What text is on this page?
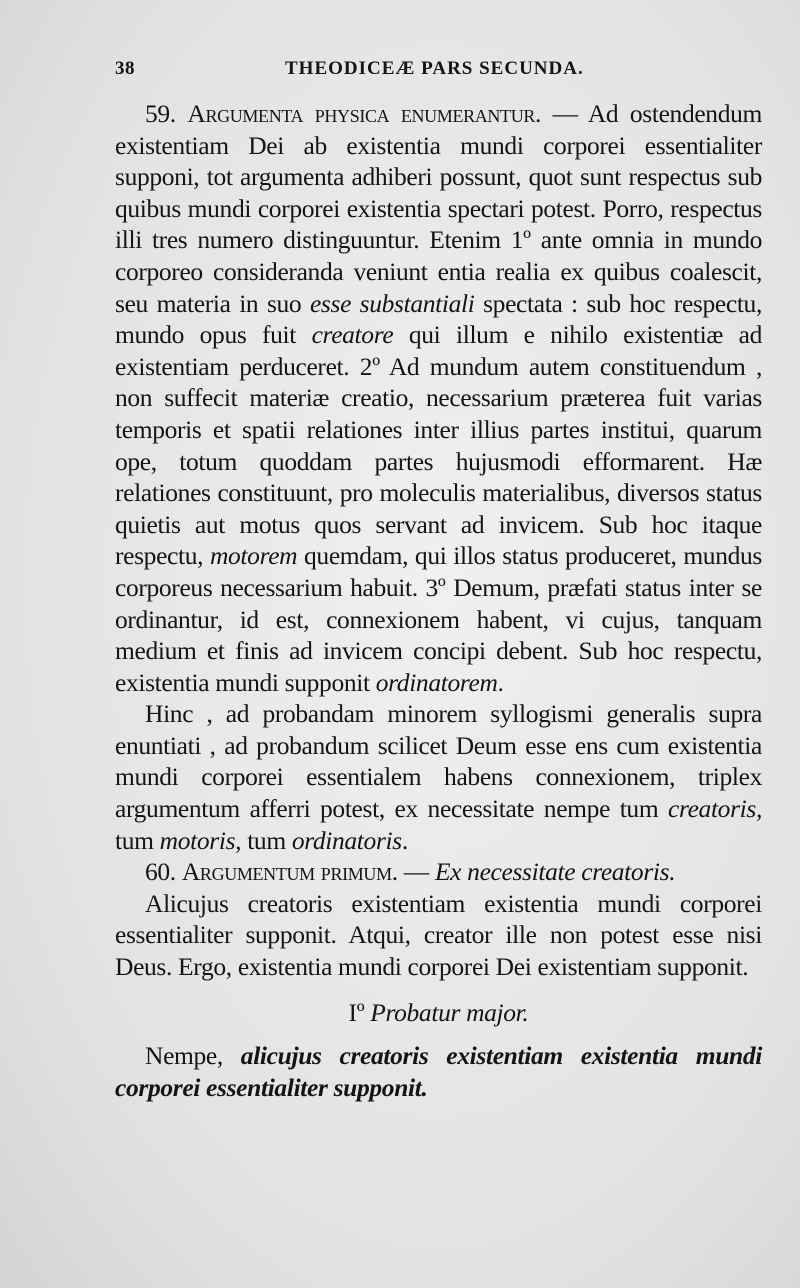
38	THEODICEÆ PARS SECUNDA.

59. Argumenta physica enumerantur. — Ad ostendendum existentiam Dei ab existentia mundi corporei essentialiter supponi, tot argumenta adhiberi possunt, quot sunt respectus sub quibus mundi corporei existentia spectari potest. Porro, respectus illi tres numero distinguuntur. Etenim 1º ante omnia in mundo corporeo consideranda veniunt entia realia ex quibus coalescit, seu materia in suo esse substantiali spectata : sub hoc respectu, mundo opus fuit creatore qui illum e nihilo existentiæ ad existentiam perduceret. 2º Ad mundum autem constituendum , non suffecit materiæ creatio, necessarium præterea fuit varias temporis et spatii relationes inter illius partes institui, quarum ope, totum quoddam partes hujusmodi efformarent. Hæ relationes constituunt, pro moleculis materialibus, diversos status quietis aut motus quos servant ad invicem. Sub hoc itaque respectu, motorem quemdam, qui illos status produceret, mundus corporeus necessarium habuit. 3º Demum, præfati status inter se ordinantur, id est, connexionem habent, vi cujus, tanquam medium et finis ad invicem concipi debent. Sub hoc respectu, existentia mundi supponit ordinatorem.

Hinc , ad probandam minorem syllogismi generalis supra enuntiati , ad probandum scilicet Deum esse ens cum existentia mundi corporei essentialem habens connexionem, triplex argumentum afferri potest, ex necessitate nempe tum creatoris, tum motoris, tum ordinatoris.

60. Argumentum primum. — Ex necessitate creatoris.

Alicujus creatoris existentiam existentia mundi corporei essentialiter supponit. Atqui, creator ille non potest esse nisi Deus. Ergo, existentia mundi corporei Dei existentiam supponit.

Iº Probatur major.

Nempe, alicujus creatoris existentiam existentia mundi corporei essentialiter supponit.
